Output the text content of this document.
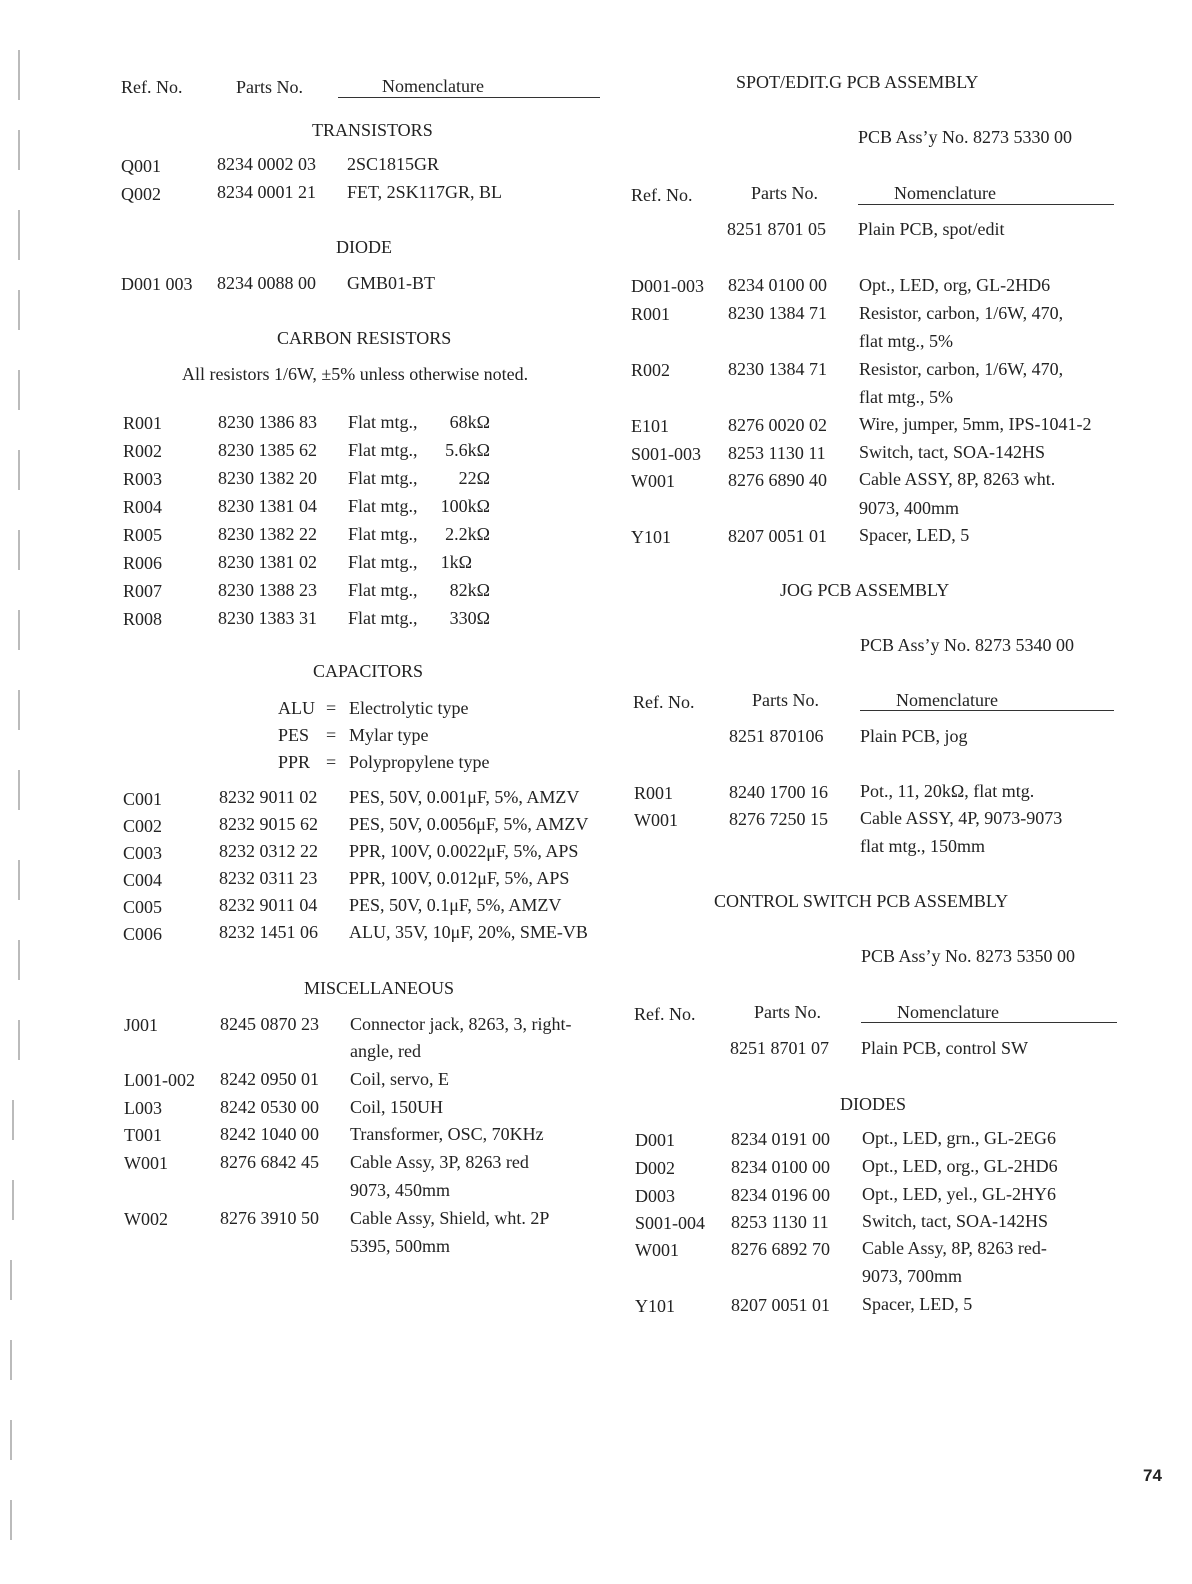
Ref. No.	Parts No.	Nomenclature
TRANSISTORS
Q001	8234 0002 03 2SC1815GR
Q002	8234 0001 21 FET, 2SK117GR, BL
DIODE
D001 003 8234 0088 00 GMB01-BT
CARBON RESISTORS
All resistors 1/6W, ±5% unless otherwise noted.
R001	8230 1386 83 Flat mtg., 68kΩ
R002	8230 1385 62 Flat mtg., 5.6kΩ
R003	8230 1382 20 Flat mtg., 22Ω
R004	8230 1381 04 Flat mtg., 100kΩ
R005	8230 1382 22 Flat mtg., 2.2kΩ
R006	8230 1381 02 Flat mtg., 1kΩ
R007	8230 1388 23 Flat mtg., 82kΩ
R008	8230 1383 31 Flat mtg., 330Ω
CAPACITORS
ALU = Electrolytic type
PES = Mylar type
PPR = Polypropylene type
C001	8232 9011 02 PES, 50V, 0.001μF, 5%, AMZV
C002	8232 9015 62 PES, 50V, 0.0056μF, 5%, AMZV
C003	8232 0312 22 PPR, 100V, 0.0022μF, 5%, APS
C004	8232 0311 23 PPR, 100V, 0.012μF, 5%, APS
C005	8232 9011 04 PES, 50V, 0.1μF, 5%, AMZV
C006	8232 1451 06 ALU, 35V, 10μF, 20%, SME-VB
MISCELLANEOUS
J001	8245 0870 23 Connector jack, 8263, 3, right-
angle, red
L001-002 8242 0950 01 Coil, servo, E
L003	8242 0530 00 Coil, 150UH
T001	8242 1040 00 Transformer, OSC, 70KHz
W001	8276 6842 45 Cable Assy, 3P, 8263 red
9073, 450mm
W002	8276 3910 50 Cable Assy, Shield, wht. 2P
5395, 500mm
SPOT/EDIT.G PCB ASSEMBLY
PCB Ass’y No. 8273 5330 00
Ref. No.	Parts No.	Nomenclature
8251 8701 05 Plain PCB, spot/edit
D001-003 8234 0100 00 Opt., LED, org, GL-2HD6
R001	8230 1384 71 Resistor, carbon, 1/6W, 470,
flat mtg., 5%
R002	8230 1384 71 Resistor, carbon, 1/6W, 470,
flat mtg., 5%
E101	8276 0020 02 Wire, jumper, 5mm, IPS-1041-2
S001-003 8253 1130 11 Switch, tact, SOA-142HS
W001	8276 6890 40 Cable ASSY, 8P, 8263 wht.
9073, 400mm
Y101	8207 0051 01 Spacer, LED, 5
JOG PCB ASSEMBLY
PCB Ass’y No. 8273 5340 00
Ref. No.	Parts No.	Nomenclature
8251 870106 Plain PCB, jog
R001	8240 1700 16 Pot., 11, 20kΩ, flat mtg.
W001	8276 7250 15 Cable ASSY, 4P, 9073-9073
flat mtg., 150mm
CONTROL SWITCH PCB ASSEMBLY
PCB Ass’y No. 8273 5350 00
Ref. No.	Parts No.	Nomenclature
8251 8701 07 Plain PCB, control SW
DIODES
D001	8234 0191 00 Opt., LED, grn., GL-2EG6
D002	8234 0100 00 Opt., LED, org., GL-2HD6
D003	8234 0196 00 Opt., LED, yel., GL-2HY6
S001-004 8253 1130 11 Switch, tact, SOA-142HS
W001	8276 6892 70 Cable Assy, 8P, 8263 red-
9073, 700mm
Y101	8207 0051 01 Spacer, LED, 5
74
